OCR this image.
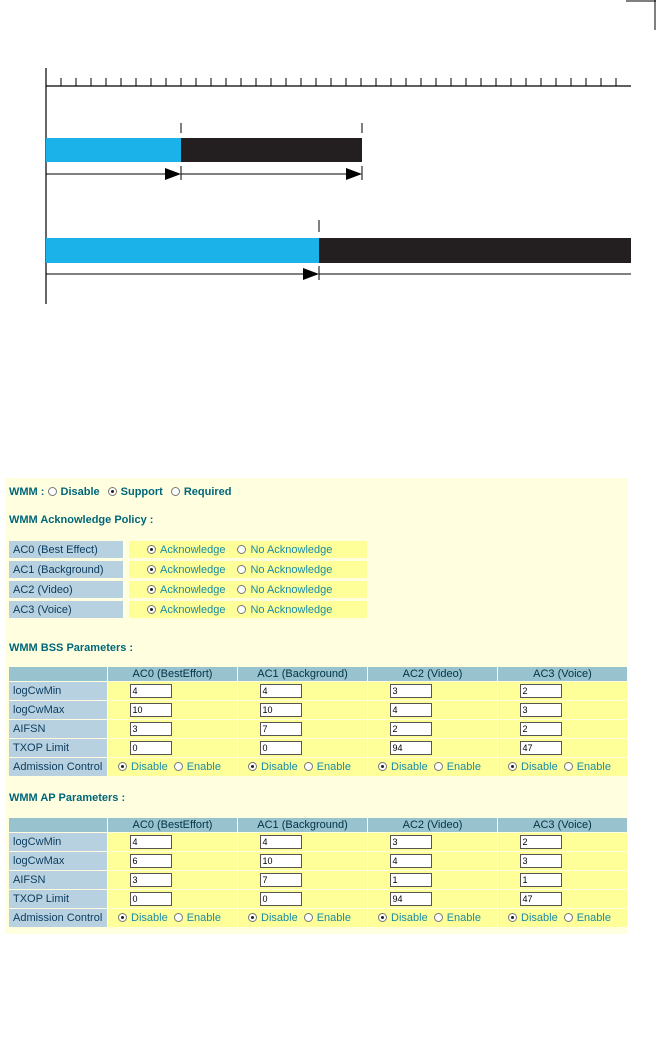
WMM : Disable Support Required
WMM Acknowledge Policy :
AC0 (Best Effect)		Acknowledge No Acknowledge
AC1 (Background)		Acknowledge No Acknowledge
AC2 (Video)		Acknowledge No Acknowledge
AC3 (Voice)		Acknowledge No Acknowledge
WMM BSS Parameters :
	AC0 (BestEffort)	AC1 (Background)	AC2 (Video)	AC3 (Voice)
logCwMin	4	4	3	2
logCwMax	10	10	4	3
AIFSN	3	7	2	2
TXOP Limit	0	0	94	47
Admission Control	Disable Enable	Disable Enable	Disable Enable	Disable Enable
WMM AP Parameters :
	AC0 (BestEffort)	AC1 (Background)	AC2 (Video)	AC3 (Voice)
logCwMin	4	4	3	2
logCwMax	6	10	4	3
AIFSN	3	7	1	1
TXOP Limit	0	0	94	47
Admission Control	Disable Enable	Disable Enable	Disable Enable	Disable Enable
